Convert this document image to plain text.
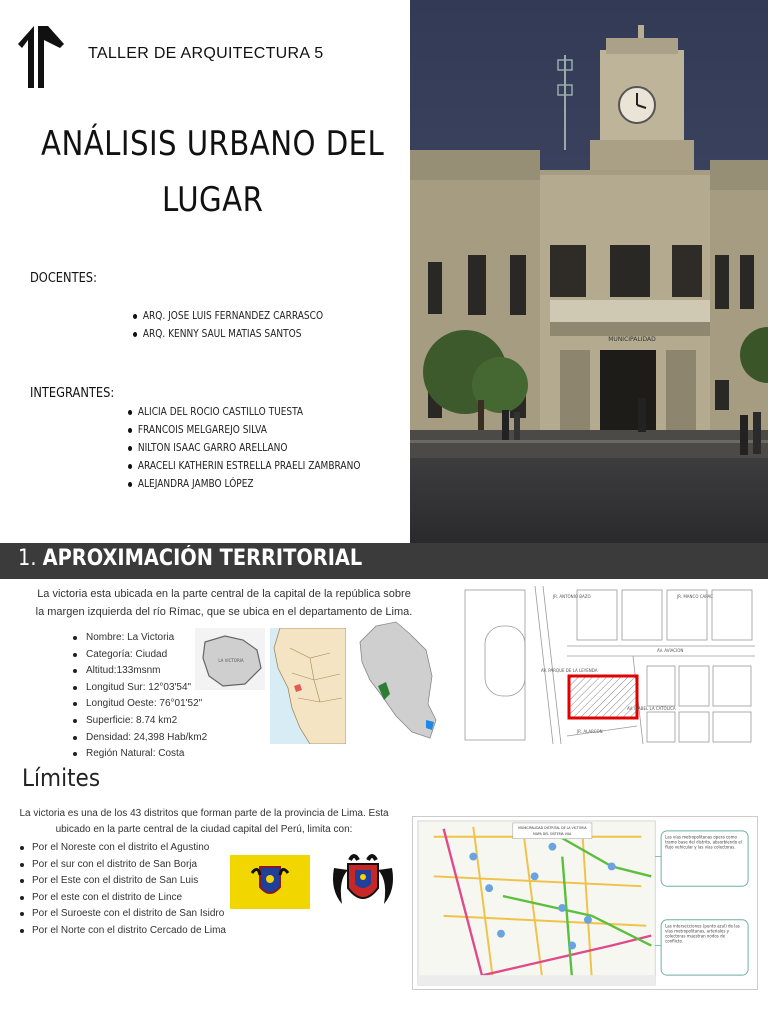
TALLER DE ARQUITECTURA 5
ANÁLISIS URBANO DEL
LUGAR
DOCENTES:
ARQ. JOSE LUIS FERNANDEZ CARRASCO
ARQ. KENNY SAUL MATIAS SANTOS
INTEGRANTES:
ALICIA DEL ROCIO CASTILLO TUESTA
FRANCOIS MELGAREJO SILVA
NILTON ISAAC GARRO ARELLANO
ARACELI KATHERIN ESTRELLA PRAELI ZAMBRANO
ALEJANDRA JAMBO LÓPEZ
MUNICIPALIDAD
1. APROXIMACIÓN TERRITORIAL
La victoria esta ubicada en la parte central de la capital de la república sobre
la margen izquierda del río Rímac, que se ubica en el departamento de Lima.
Nombre: La Victoria
Categoría: Ciudad
Altitud:133msnm
Longitud Sur: 12°03'54"
Longitud Oeste: 76°01'52"
Superficie: 8.74 km2
Densidad: 24,398 Hab/km2
Región Natural: Costa
LA VICTORIA
JR. ANTONIO BAZO	JR. MANCO CAPAC
AV. PARQUE DE LA LEYENDA
AV. AVIACION
JR. ALARCON
AV. ISABEL LA CATÓLICA
Límites
La victoria es una de los 43 distritos que forman parte de la provincia de Lima. Esta
ubicado en la parte central de la ciudad capital del Perú, limita con:
Por el Noreste con el distrito el Agustino
Por el sur con el distrito de San Borja
Por el Este con el distrito de San Luis
Por el este con el distrito de Lince
Por el Suroeste con el distrito de San Isidro
Por el Norte con el distrito Cercado de Lima
MUNICIPALIDAD DISTRITAL DE LA VICTORIA
MAPA DEL SISTEMA VIAL
Las vías metropolitanas opera como tramo base del distrito, absorbiendo el flujo vehicular y las vías colectoras.
Las intersecciones (punto azul) de las vías metropolitanas, arteriales y colectoras muestran nodos de conflicto.
